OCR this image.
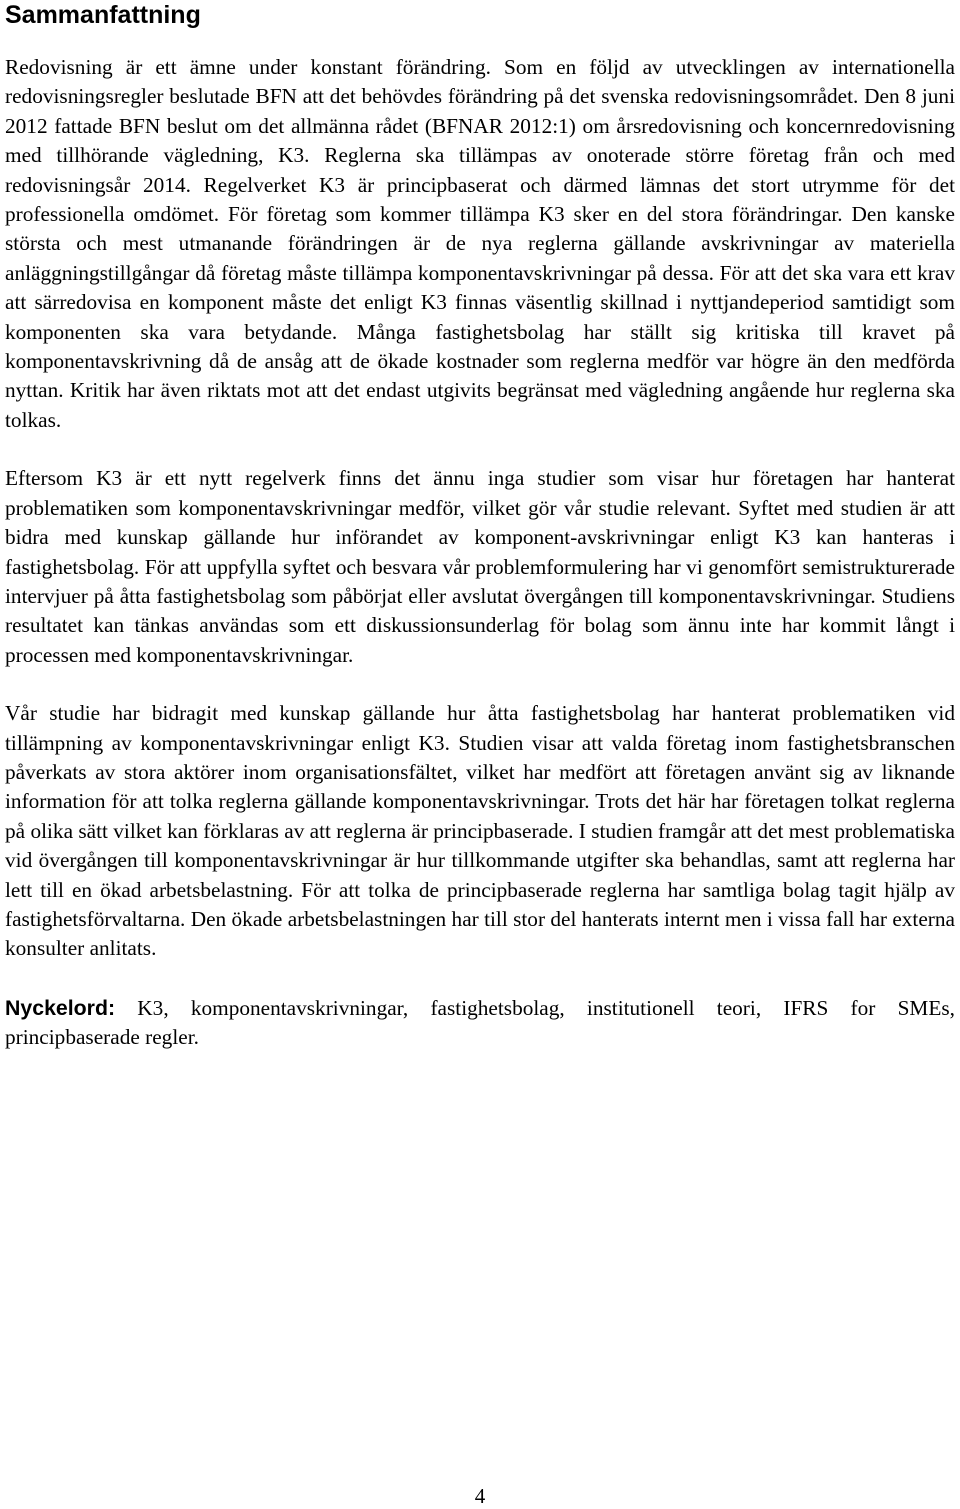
Sammanfattning

Redovisning är ett ämne under konstant förändring. Som en följd av utvecklingen av internationella redovisningsregler beslutade BFN att det behövdes förändring på det svenska redovisningsområdet. Den 8 juni 2012 fattade BFN beslut om det allmänna rådet (BFNAR 2012:1) om årsredovisning och koncernredovisning med tillhörande vägledning, K3. Reglerna ska tillämpas av onoterade större företag från och med redovisningsår 2014. Regelverket K3 är principbaserat och därmed lämnas det stort utrymme för det professionella omdömet. För företag som kommer tillämpa K3 sker en del stora förändringar. Den kanske största och mest utmanande förändringen är de nya reglerna gällande avskrivningar av materiella anläggningstillgångar då företag måste tillämpa komponentavskrivningar på dessa. För att det ska vara ett krav att särredovisa en komponent måste det enligt K3 finnas väsentlig skillnad i nyttjandeperiod samtidigt som komponenten ska vara betydande. Många fastighetsbolag har ställt sig kritiska till kravet på komponentavskrivning då de ansåg att de ökade kostnader som reglerna medför var högre än den medförda nyttan. Kritik har även riktats mot att det endast utgivits begränsat med vägledning angående hur reglerna ska tolkas.

Eftersom K3 är ett nytt regelverk finns det ännu inga studier som visar hur företagen har hanterat problematiken som komponentavskrivningar medför, vilket gör vår studie relevant. Syftet med studien är att bidra med kunskap gällande hur införandet av komponent-avskrivningar enligt K3 kan hanteras i fastighetsbolag. För att uppfylla syftet och besvara vår problemformulering har vi genomfört semistrukturerade intervjuer på åtta fastighetsbolag som påbörjat eller avslutat övergången till komponentavskrivningar. Studiens resultatet kan tänkas användas som ett diskussionsunderlag för bolag som ännu inte har kommit långt i processen med komponentavskrivningar.

Vår studie har bidragit med kunskap gällande hur åtta fastighetsbolag har hanterat problematiken vid tillämpning av komponentavskrivningar enligt K3. Studien visar att valda företag inom fastighetsbranschen påverkats av stora aktörer inom organisationsfältet, vilket har medfört att företagen använt sig av liknande information för att tolka reglerna gällande komponentavskrivningar. Trots det här har företagen tolkat reglerna på olika sätt vilket kan förklaras av att reglerna är principbaserade. I studien framgår att det mest problematiska vid övergången till komponentavskrivningar är hur tillkommande utgifter ska behandlas, samt att reglerna har lett till en ökad arbetsbelastning. För att tolka de principbaserade reglerna har samtliga bolag tagit hjälp av fastighetsförvaltarna. Den ökade arbetsbelastningen har till stor del hanterats internt men i vissa fall har externa konsulter anlitats.

Nyckelord: K3, komponentavskrivningar, fastighetsbolag, institutionell teori, IFRS for SMEs, principbaserade regler.

4
